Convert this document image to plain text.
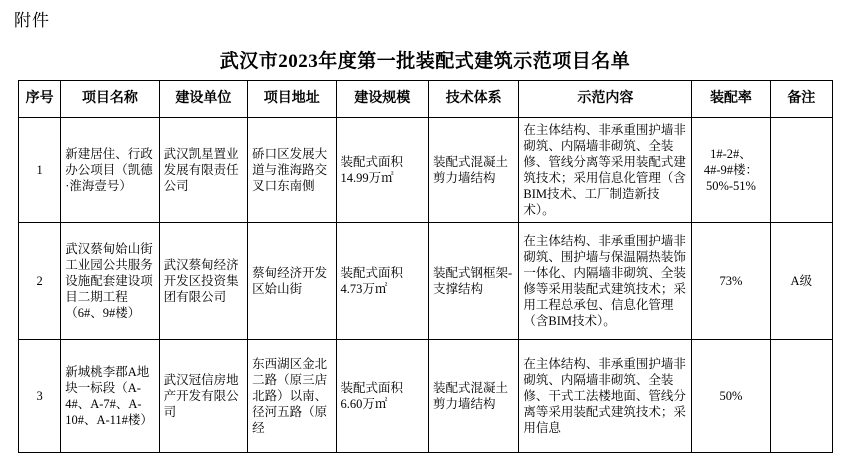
附件
武汉市2023年度第一批装配式建筑示范项目名单
序号	项目名称	建设单位	项目地址	建设规模	技术体系	示范内容	装配率	备注
1	新建居住、行政办公项目（凯德·淮海壹号）	武汉凯星置业发展有限责任公司	硚口区发展大道与淮海路交叉口东南侧	装配式面积14.99万㎡	装配式混凝土剪力墙结构	在主体结构、非承重围护墙非砌筑、内隔墙非砌筑、全装修、管线分离等采用装配式建筑技术；采用信息化管理（含BIM技术、工厂制造新技术）。	1#-2#、4#-9#楼：50%-51%	
2	武汉蔡甸姶山街工业园公共服务设施配套建设项目二期工程（6#、9#楼）	武汉蔡甸经济开发区投资集团有限公司	蔡甸经济开发区姶山街	装配式面积4.73万㎡	装配式钢框架-支撑结构	在主体结构、非承重围护墙非砌筑、围护墙与保温隔热装饰一体化、内隔墙非砌筑、全装修等采用装配式建筑技术；采用工程总承包、信息化管理（含BIM技术）。	73%	A级
3	新城桃李郡A地块一标段（A-4#、A-7#、A-10#、A-11#楼）	武汉冠信房地产开发有限公司	东西湖区金北二路（原三店北路）以南、径河五路（原经	装配式面积6.60万㎡	装配式混凝土剪力墙结构	在主体结构、非承重围护墙非砌筑、内隔墙非砌筑、全装修、干式工法楼地面、管线分离等采用装配式建筑技术；采用信息	50%	
